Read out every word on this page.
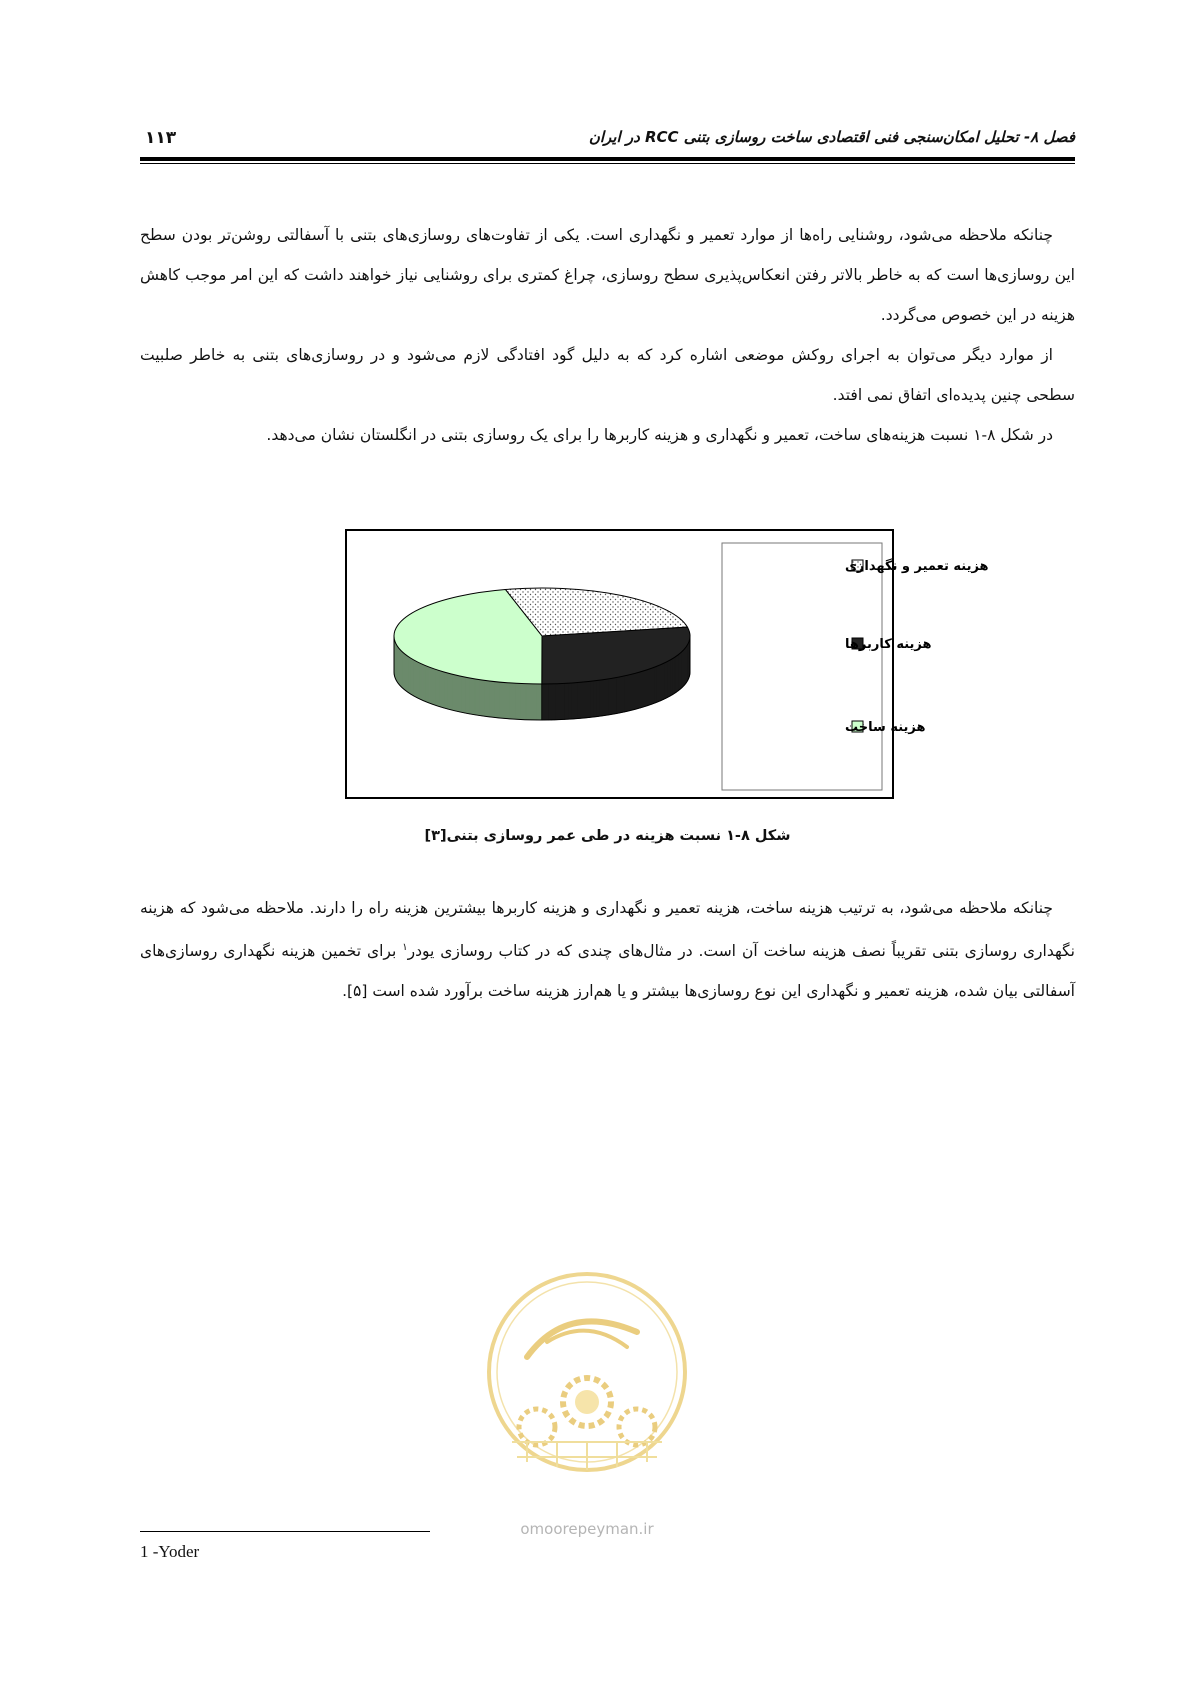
فصل ۸- تحلیل امکان‌سنجی فنی اقتصادی ساخت روسازی بتنی RCC در ایران
۱۱۳

چنانکه ملاحظه می‌شود، روشنایی راه‌ها از موارد تعمیر و نگهداری است. یکی از تفاوت‌های روسازی‌های بتنی با آسفالتی روشن‌تر بودن سطح این روسازی‌ها است که به خاطر بالاتر رفتن انعکاس‌پذیری سطح روسازی، چراغ کمتری برای روشنایی نیاز خواهند داشت که این امر موجب کاهش هزینه در این خصوص می‌گردد.

از موارد دیگر می‌توان به اجرای روکش موضعی اشاره کرد که به دلیل گود افتادگی لازم می‌شود و در روسازی‌های بتنی به خاطر صلبیت سطحی چنین پدیده‌ای اتفاق نمی افتد.

در شکل ۸-۱ نسبت هزینه‌های ساخت، تعمیر و نگهداری و هزینه کاربرها را برای یک روسازی بتنی در انگلستان نشان می‌دهد.

هزینه تعمیر و نگهداری
هزینه کاربرها
هزینه ساخت
شکل ۸-۱ نسبت هزینه در طی عمر روسازی بتنی[۳]

چنانکه ملاحظه می‌شود، به ترتیب هزینه ساخت، هزینه تعمیر و نگهداری و هزینه کاربرها بیشترین هزینه راه را دارند. ملاحظه می‌شود که هزینه نگهداری روسازی بتنی تقریباً نصف هزینه ساخت آن است. در مثال‌های چندی که در کتاب روسازی یودر$^۱$ برای تخمین هزینه نگهداری روسازی‌های آسفالتی بیان شده، هزینه تعمیر و نگهداری این نوع روسازی‌ها بیشتر و یا هم‌ارز هزینه ساخت برآورد شده است [۵].

omoorepeyman.ir
1 -Yoder
